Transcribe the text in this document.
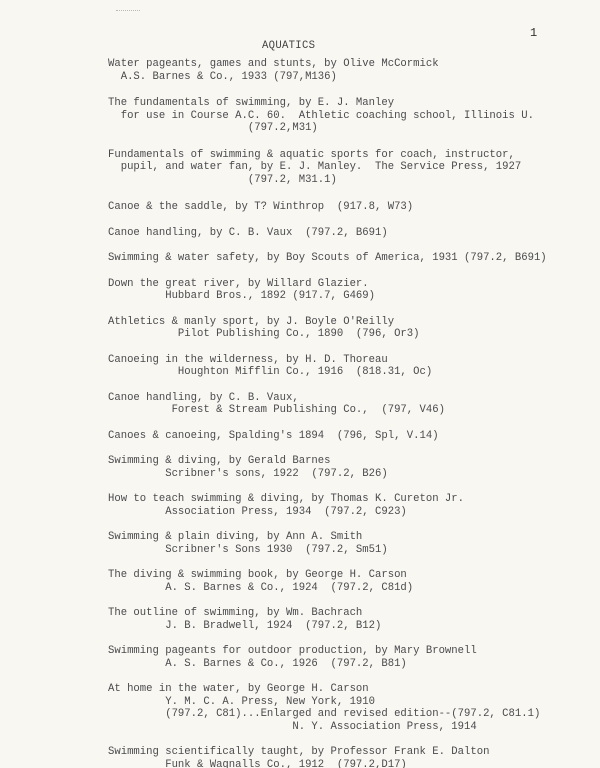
1
AQUATICS
Water pageants, games and stunts, by Olive McCormick
A.S. Barnes & Co., 1933 (797,M136)
The fundamentals of swimming, by E. J. Manley
for use in Course A.C. 60.  Athletic coaching school, Illinois U.
(797.2,M31)
Fundamentals of swimming & aquatic sports for coach, instructor,
pupil, and water fan, by E. J. Manley.  The Service Press, 1927
(797.2, M31.1)
Canoe & the saddle, by T? Winthrop  (917.8, W73)
Canoe handling, by C. B. Vaux  (797.2, B691)
Swimming & water safety, by Boy Scouts of America, 1931 (797.2, B691)
Down the great river, by Willard Glazier.
Hubbard Bros., 1892 (917.7, G469)
Athletics & manly sport, by J. Boyle O'Reilly
Pilot Publishing Co., 1890  (796, Or3)
Canoeing in the wilderness, by H. D. Thoreau
Houghton Mifflin Co., 1916  (818.31, Oc)
Canoe handling, by C. B. Vaux,
Forest & Stream Publishing Co.,  (797, V46)
Canoes & canoeing, Spalding's 1894  (796, Spl, V.14)
Swimming & diving, by Gerald Barnes
Scribner's sons, 1922  (797.2, B26)
How to teach swimming & diving, by Thomas K. Cureton Jr.
Association Press, 1934  (797.2, C923)
Swimming & plain diving, by Ann A. Smith
Scribner's Sons 1930  (797.2, Sm51)
The diving & swimming book, by George H. Carson
A. S. Barnes & Co., 1924  (797.2, C81d)
The outline of swimming, by Wm. Bachrach
J. B. Bradwell, 1924  (797.2, B12)
Swimming pageants for outdoor production, by Mary Brownell
A. S. Barnes & Co., 1926  (797.2, B81)
At home in the water, by George H. Carson
Y. M. C. A. Press, New York, 1910
(797.2, C81)...Enlarged and revised edition--(797.2, C81.1)
N. Y. Association Press, 1914
Swimming scientifically taught, by Professor Frank E. Dalton
Funk & Wagnalls Co., 1912  (797.2,D17)
